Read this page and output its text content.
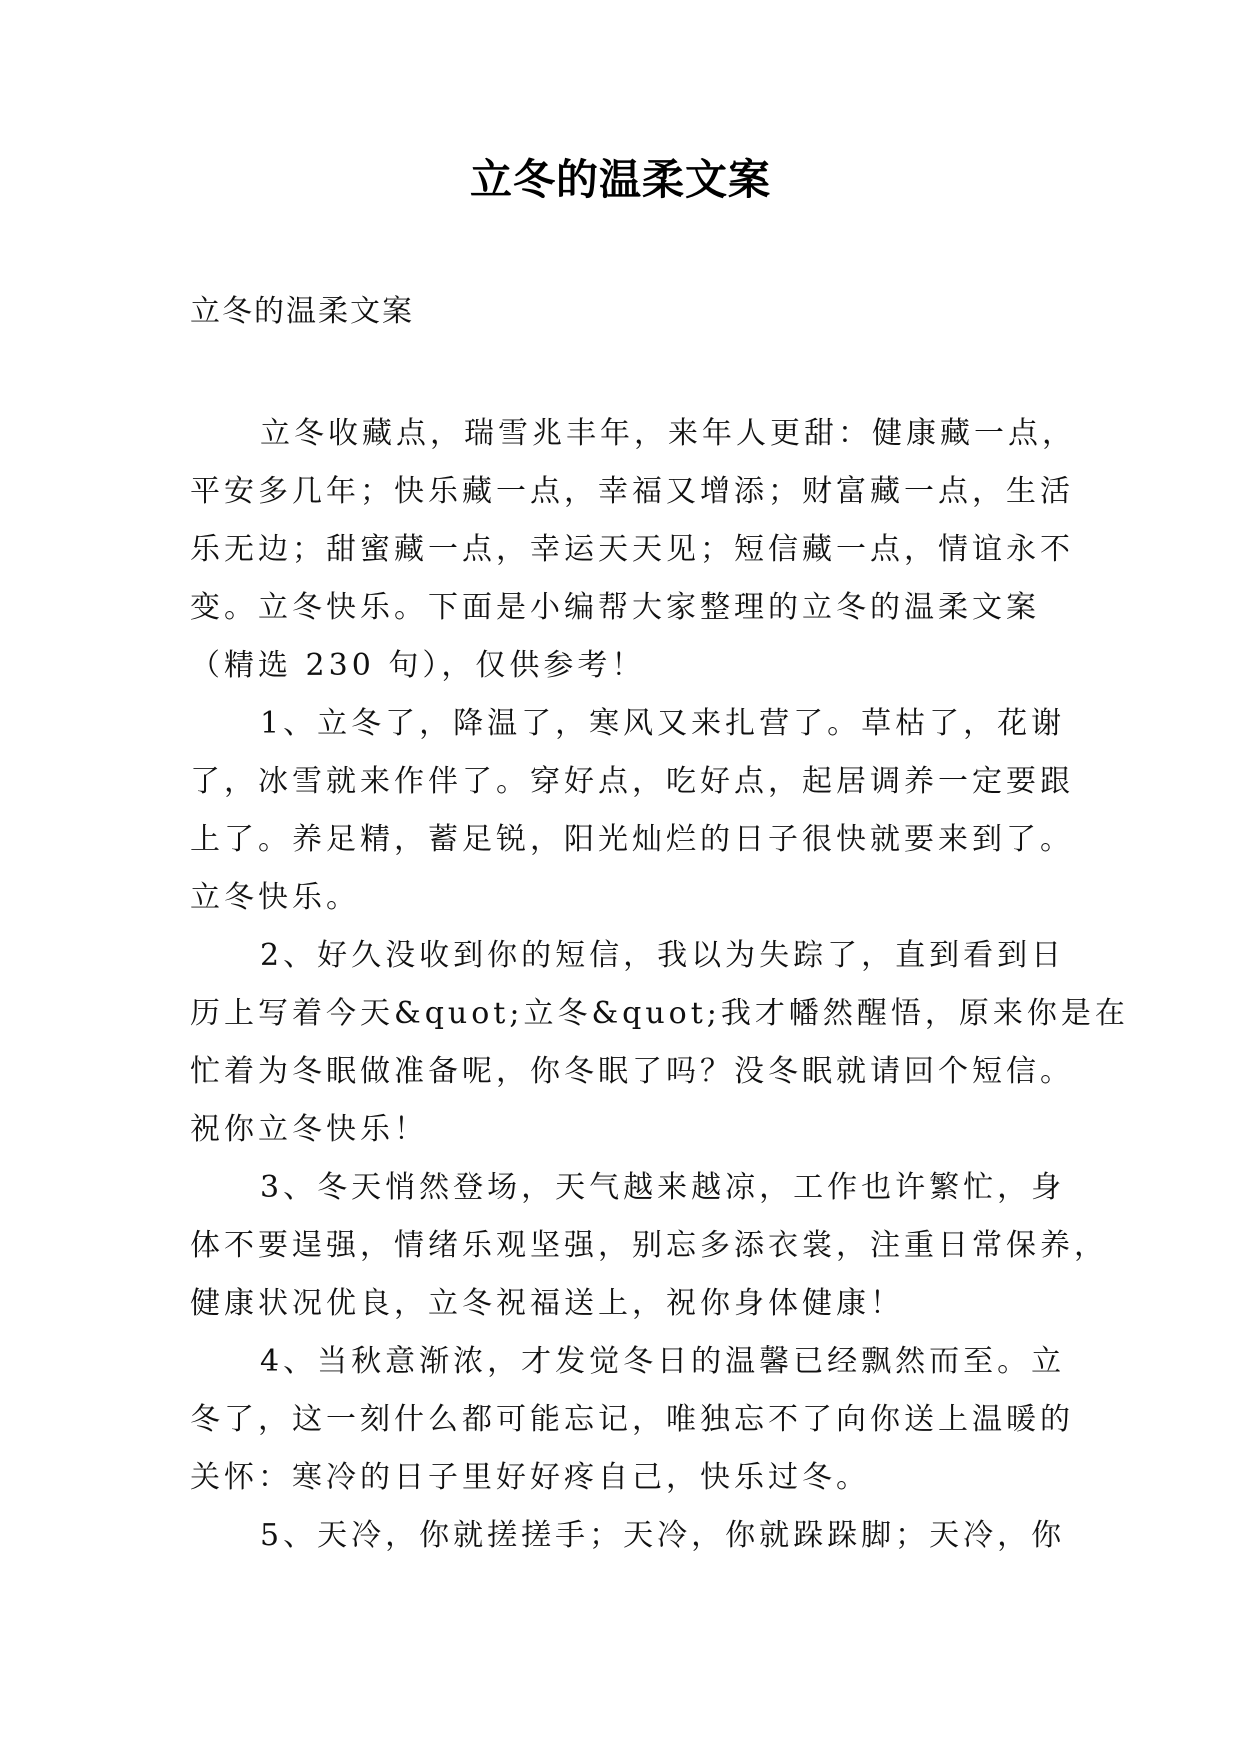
立冬的温柔文案
立冬的温柔文案
立冬收藏点，瑞雪兆丰年，来年人更甜：健康藏一点，
平安多几年；快乐藏一点，幸福又增添；财富藏一点，生活
乐无边；甜蜜藏一点，幸运天天见；短信藏一点，情谊永不
变。立冬快乐。下面是小编帮大家整理的立冬的温柔文案
（精选 230 句），仅供参考！
1、立冬了，降温了，寒风又来扎营了。草枯了，花谢
了，冰雪就来作伴了。穿好点，吃好点，起居调养一定要跟
上了。养足精，蓄足锐，阳光灿烂的日子很快就要来到了。
立冬快乐。
2、好久没收到你的短信，我以为失踪了，直到看到日
历上写着今天&quot;立冬&quot;我才幡然醒悟，原来你是在
忙着为冬眠做准备呢，你冬眠了吗？没冬眠就请回个短信。
祝你立冬快乐！
3、冬天悄然登场，天气越来越凉，工作也许繁忙，身
体不要逞强，情绪乐观坚强，别忘多添衣裳，注重日常保养，
健康状况优良，立冬祝福送上，祝你身体健康！
4、当秋意渐浓，才发觉冬日的温馨已经飘然而至。立
冬了，这一刻什么都可能忘记，唯独忘不了向你送上温暖的
关怀：寒冷的日子里好好疼自己，快乐过冬。
5、天冷，你就搓搓手；天冷，你就跺跺脚；天冷，你
